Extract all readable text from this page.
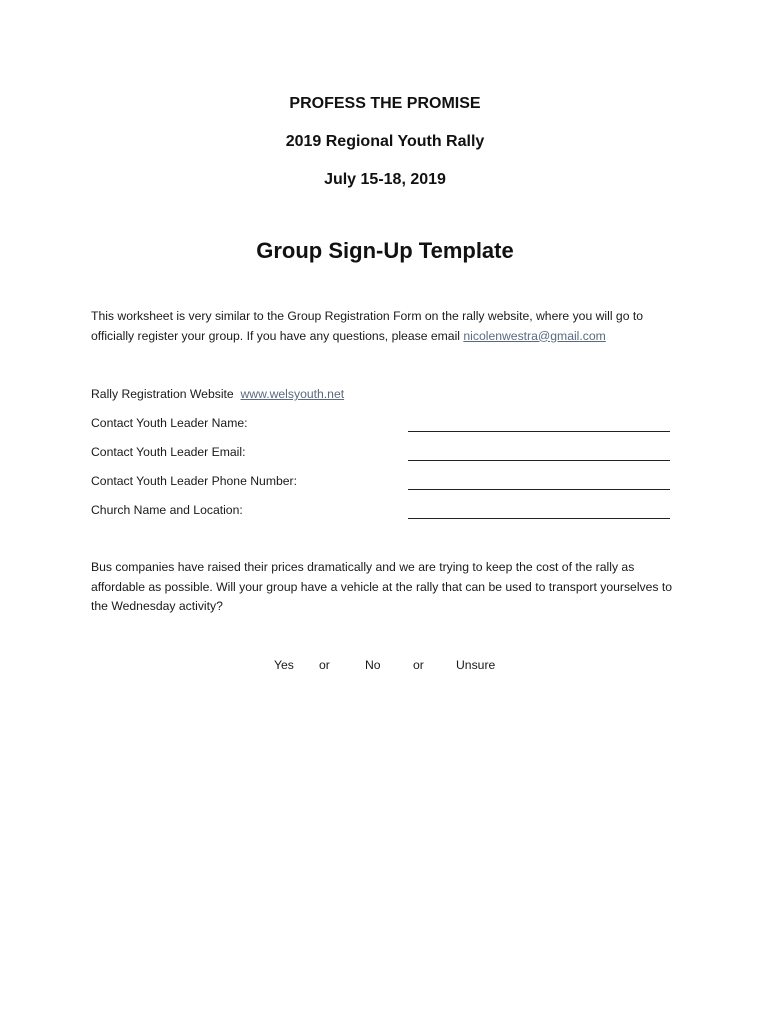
PROFESS THE PROMISE
2019 Regional Youth Rally
July 15-18, 2019
Group Sign-Up Template
This worksheet is very similar to the Group Registration Form on the rally website, where you will go to officially register your group. If you have any questions, please email nicolenwestra@gmail.com
Rally Registration Website www.welsyouth.net
Contact Youth Leader Name:
Contact Youth Leader Email:
Contact Youth Leader Phone Number:
Church Name and Location:
Bus companies have raised their prices dramatically and we are trying to keep the cost of the rally as affordable as possible. Will your group have a vehicle at the rally that can be used to transport yourselves to the Wednesday activity?
Yes or	No	or	Unsure
